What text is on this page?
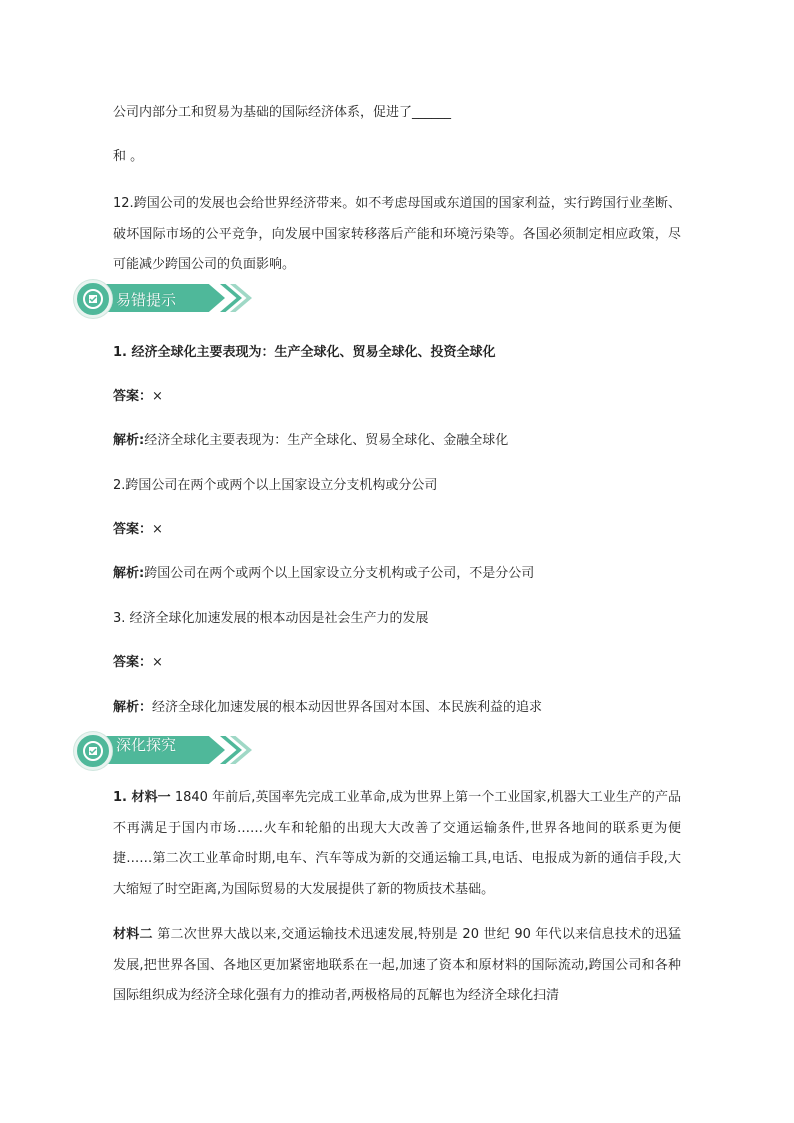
公司内部分工和贸易为基础的国际经济体系，促进了______
和 。
12.跨国公司的发展也会给世界经济带来。如不考虑母国或东道国的国家利益，实行跨国行业垄断、破坏国际市场的公平竞争，向发展中国家转移落后产能和环境污染等。各国必须制定相应政策，尽可能减少跨国公司的负面影响。
易错提示
1. 经济全球化主要表现为：生产全球化、贸易全球化、投资全球化
答案：×
解析:经济全球化主要表现为：生产全球化、贸易全球化、金融全球化
2.跨国公司在两个或两个以上国家设立分支机构或分公司
答案：×
解析:跨国公司在两个或两个以上国家设立分支机构或子公司，不是分公司
3. 经济全球化加速发展的根本动因是社会生产力的发展
答案：×
解析：经济全球化加速发展的根本动因世界各国对本国、本民族利益的追求
深化探究
1. 材料一 1840 年前后,英国率先完成工业革命,成为世界上第一个工业国家,机器大工业生产的产品不再满足于国内市场……火车和轮船的出现大大改善了交通运输条件,世界各地间的联系更为便捷……第二次工业革命时期,电车、汽车等成为新的交通运输工具,电话、电报成为新的通信手段,大大缩短了时空距离,为国际贸易的大发展提供了新的物质技术基础。
材料二 第二次世界大战以来,交通运输技术迅速发展,特别是 20 世纪 90 年代以来信息技术的迅猛发展,把世界各国、各地区更加紧密地联系在一起,加速了资本和原材料的国际流动,跨国公司和各种国际组织成为经济全球化强有力的推动者,两极格局的瓦解也为经济全球化扫清
